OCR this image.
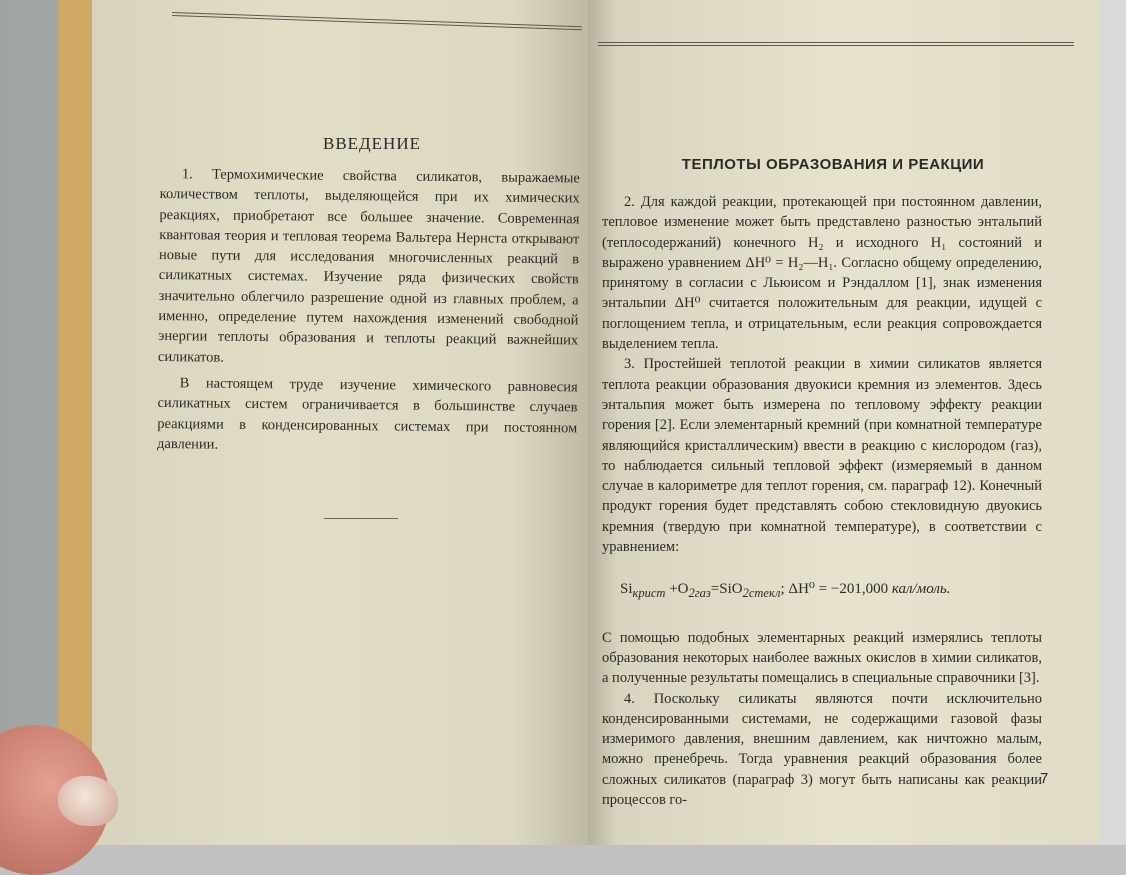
ВВЕДЕНИЕ

1. Термохимические свойства силикатов, выражаемые количеством теплоты, выделяющейся при их химических реакциях, приобретают все большее значение. Современная квантовая теория и тепловая теорема Вальтера Нернста открывают новые пути для исследования многочисленных реакций в силикатных системах. Изучение ряда физических свойств значительно облегчило разрешение одной из главных проблем, а именно, определение путем нахождения изменений свободной энергии теплоты образования и теплоты реакций важнейших силикатов.

В настоящем труде изучение химического равновесия силикатных систем ограничивается в большинстве случаев реакциями в конденсированных системах при постоянном давлении.

ТЕПЛОТЫ ОБРАЗОВАНИЯ И РЕАКЦИИ

2. Для каждой реакции, протекающей при постоянном давлении, тепловое изменение может быть представлено разностью энтальпий (теплосодержаний) конечного H₂ и исходного H₁ состояний и выражено уравнением ΔH⁰ = H₂—H₁. Согласно общему определению, принятому в согласии с Льюисом и Рэндаллом [1], знак изменения энтальпии ΔH⁰ считается положительным для реакции, идущей с поглощением тепла, и отрицательным, если реакция сопровождается выделением тепла.

3. Простейшей теплотой реакции в химии силикатов является теплота реакции образования двуокиси кремния из элементов. Здесь энтальпия может быть измерена по тепловому эффекту реакции горения [2]. Если элементарный кремний (при комнатной температуре являющийся кристаллическим) ввести в реакцию с кислородом (газ), то наблюдается сильный тепловой эффект (измеряемый в данном случае в калориметре для теплот горения, см. параграф 12). Конечный продукт горения будет представлять собою стекловидную двуокись кремния (твердую при комнатной температуре), в соответствии с уравнением:

$Si_{крист} +O_{2газ}=SiO_{2стекл}$; ΔH⁰ = −201,000 кал/моль.

С помощью подобных элементарных реакций измерялись теплоты образования некоторых наиболее важных окислов в химии силикатов, а полученные результаты помещались в специальные справочники [3].

4. Поскольку силикаты являются почти исключительно конденсированными системами, не содержащими газовой фазы измеримого давления, внешним давлением, как ничтожно малым, можно пренебречь. Тогда уравнения реакций образования более сложных силикатов (параграф 3) могут быть написаны как реакции процессов го-

7
